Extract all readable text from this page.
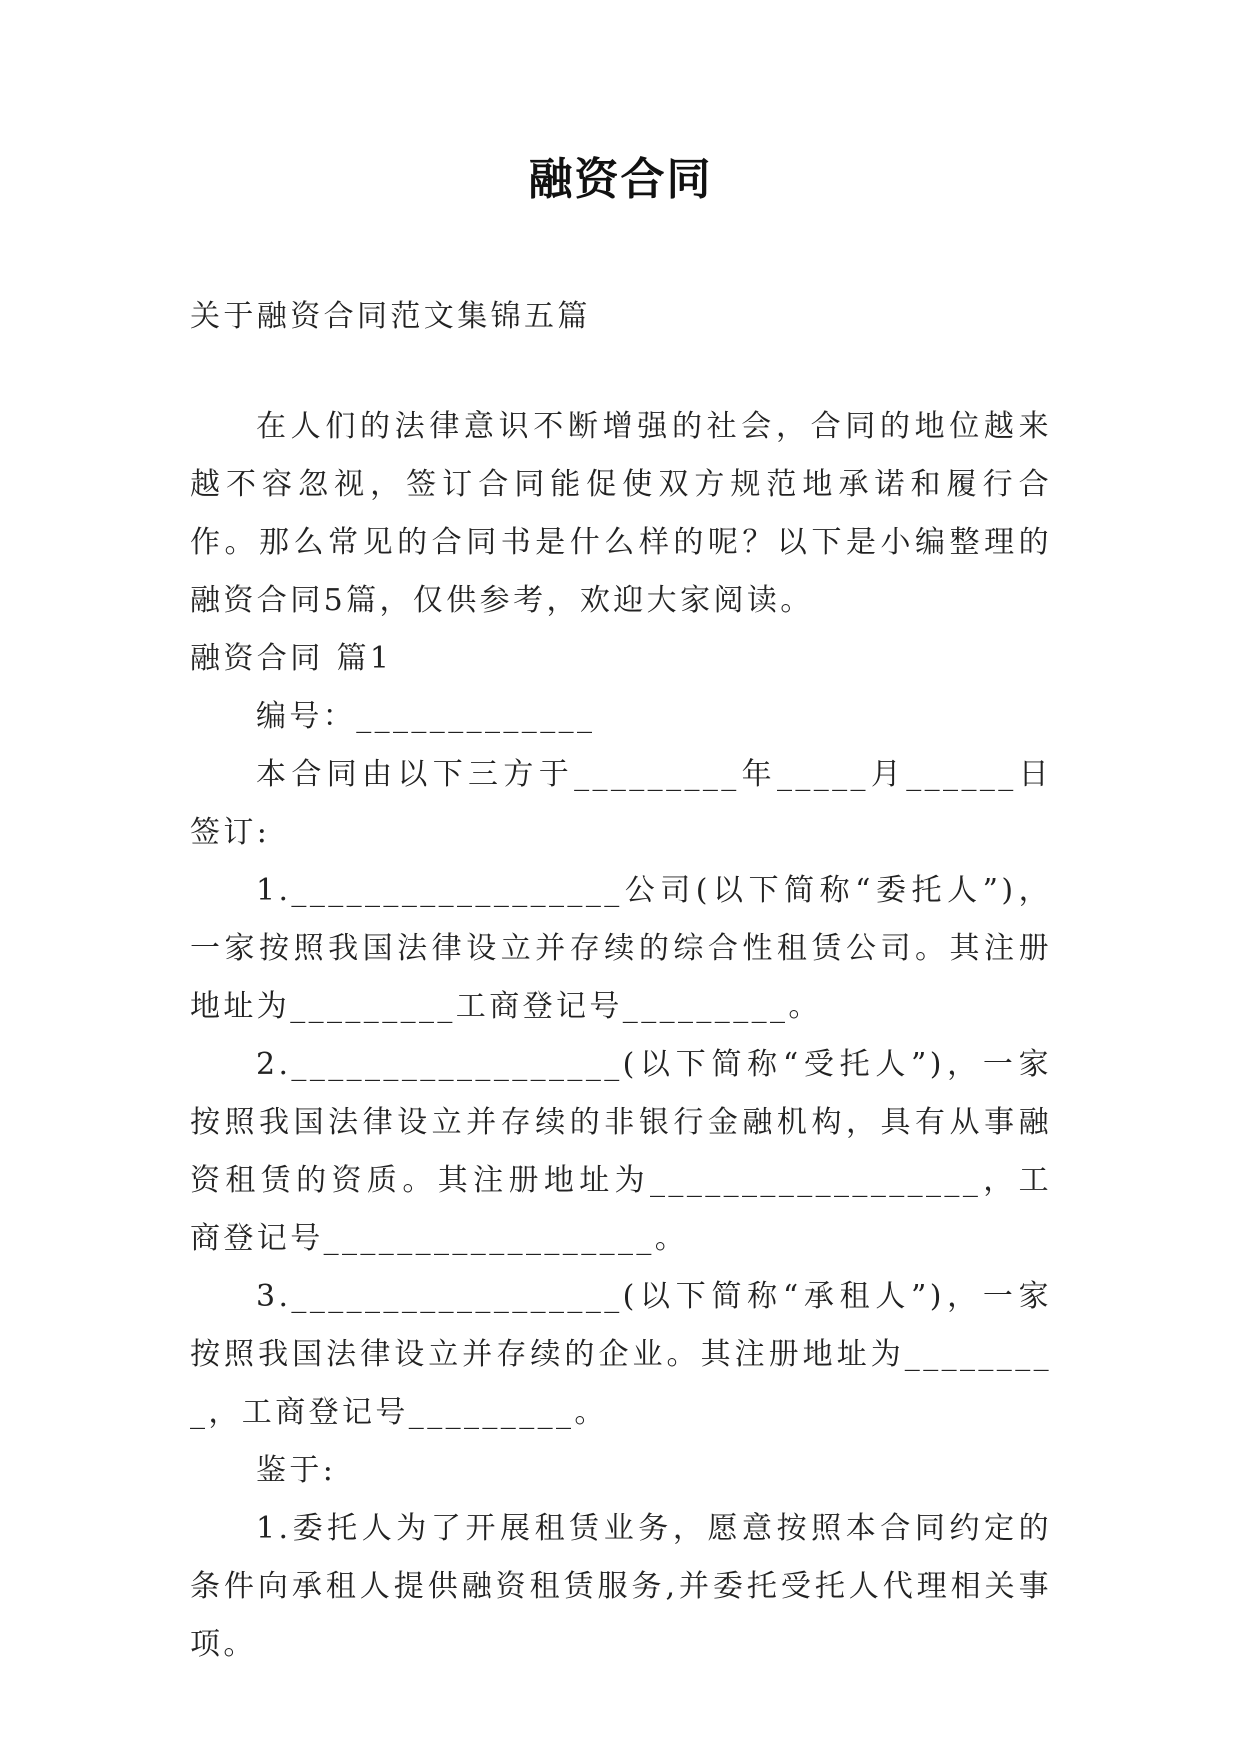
融资合同

关于融资合同范文集锦五篇

在人们的法律意识不断增强的社会，合同的地位越来越不容忽视，签订合同能促使双方规范地承诺和履行合作。那么常见的合同书是什么样的呢？以下是小编整理的融资合同5篇，仅供参考，欢迎大家阅读。

融资合同 篇1

编号：_____________

本合同由以下三方于_________年_____月______日签订:

1.__________________公司(以下简称“委托人”)，一家按照我国法律设立并存续的综合性租赁公司。其注册地址为_________工商登记号_________。

2.__________________(以下简称“受托人”)，一家按照我国法律设立并存续的非银行金融机构，具有从事融资租赁的资质。其注册地址为__________________，工商登记号__________________。

3.__________________(以下简称“承租人”)，一家按照我国法律设立并存续的企业。其注册地址为_________，工商登记号_________。

鉴于:

1.委托人为了开展租赁业务，愿意按照本合同约定的条件向承租人提供融资租赁服务,并委托受托人代理相关事项。
